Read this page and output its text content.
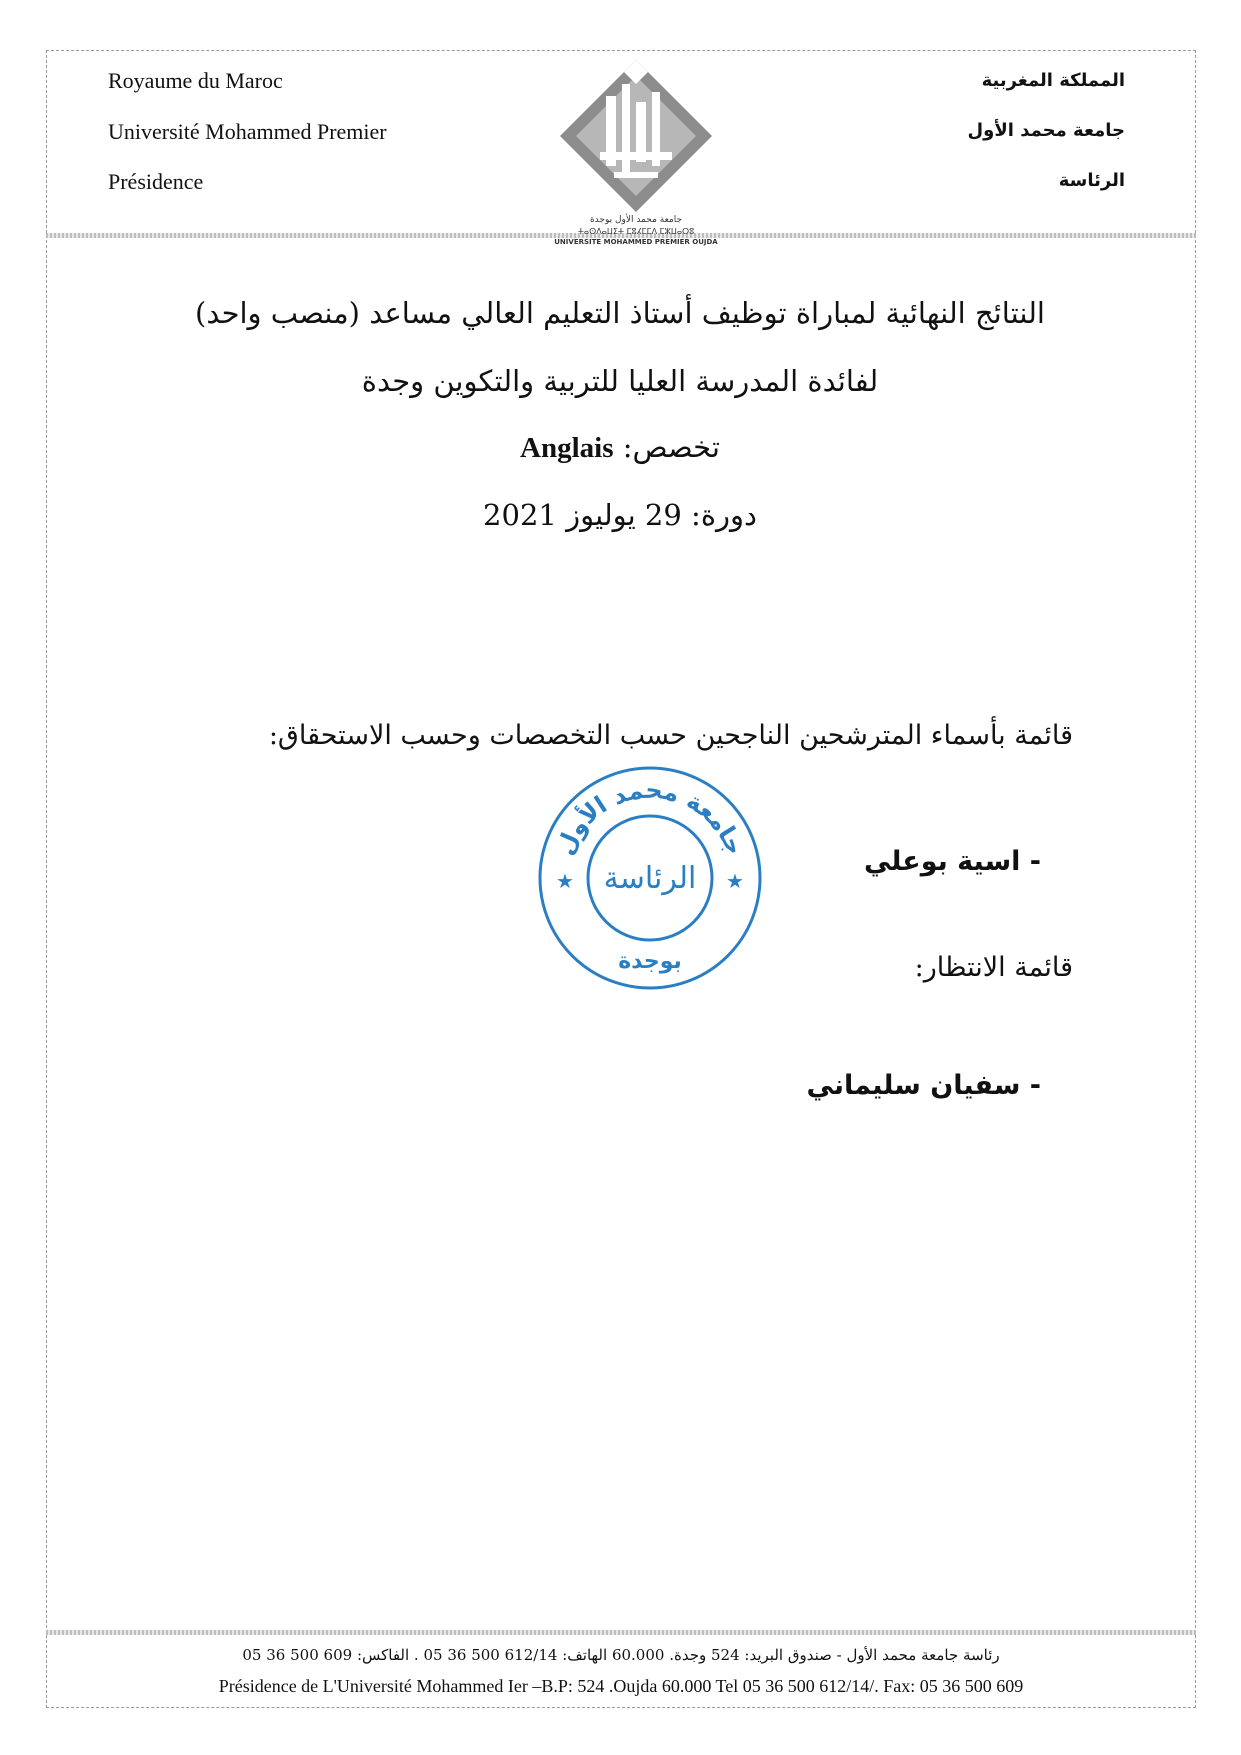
Royaume du Maroc
Université Mohammed Premier
Présidence
المملكة المغربية
جامعة محمد الأول
الرئاسة
جامعة محمد الأول بوجدة
ⵜⴰⵙⴷⴰⵡⵉⵜ ⵎⵓⵃⵎⵎⴷ ⵎⵣⵡⴰⵔⵓ
UNIVERSITE MOHAMMED PREMIER OUJDA
النتائج النهائية لمباراة توظيف أستاذ التعليم العالي مساعد (منصب واحد)
لفائدة المدرسة العليا للتربية والتكوين وجدة
تخصص: Anglais
دورة: 29 يوليوز 2021
قائمة بأسماء المترشحين الناجحين حسب التخصصات وحسب الاستحقاق:
- اسية بوعلي
قائمة الانتظار:
- سفيان سليماني
جامعة محمد الأول
الرئاسة
بوجدة
★	★
رئاسة جامعة محمد الأول - صندوق البريد: 524 وجدة. 60.000 الهاتف: 612/14 500 36 05 . الفاكس: 609 500 36 05
Présidence de L'Université Mohammed Ier –B.P: 524 .Oujda 60.000 Tel 05 36 500 612/14/. Fax: 05 36 500 609
